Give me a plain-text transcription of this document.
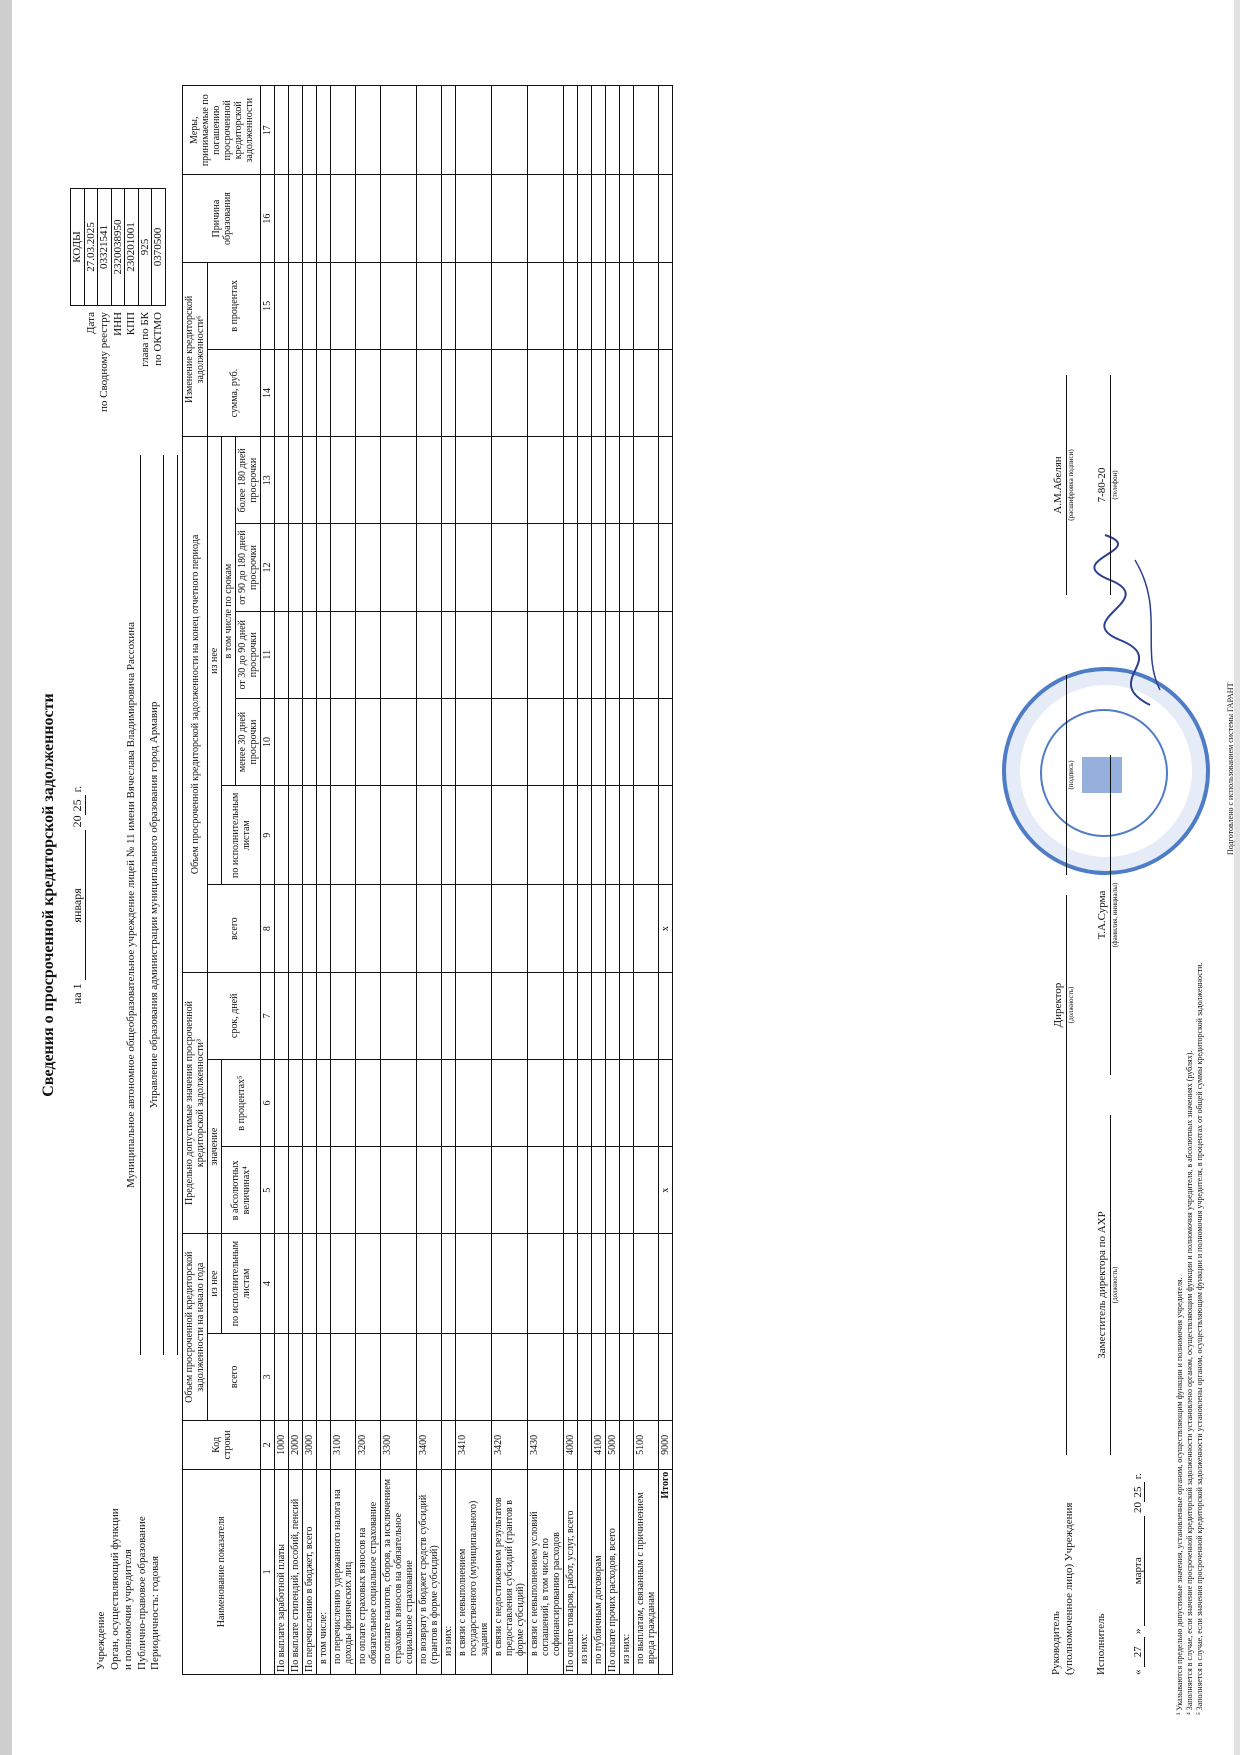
Подготовлено с использованием системы ГАРАНТ
Сведения о просроченной кредиторской задолженности на 1 января 2025 г.
Учреждение Орган, осуществляющий функции и полномочия учредителя Публично-правовое образование Периодичность: годовая
Муниципальное автономное общеобразовательное учреждение лицей № 11 имени Вячеслава Владимировича Рассохина Управление образования администрации муниципального образования город Армавир
	КОДЫ
Дата	27.03.2025
по Сводному реестру	03321541
ИНН	2320038950
КПП	230201001
глава по БК	925
по ОКТМО	0370500
Наименование показателя	Код строки	Объем просроченной кредиторской задолженности на начало года		Предельно допустимые значения просроченной кредиторской задолженности³			Объем просроченной кредиторской задолженности на конец отчетного периода						Изменение кредиторской задолженности⁶		Причина образования	Меры, принимаемые по погашению просроченной кредиторской задолженности
		всего	из нее	значение		срок, дней	всего	из нее					сумма, руб.	в процентах		
			по исполнительным листам	в абсолютных величинах⁴	в процентах⁵			по исполнительным листам	в том числе по срокам							
									менее 30 дней просрочки	от 30 до 90 дней просрочки	от 90 до 180 дней просрочки	более 180 дней просрочки				
1	2	3	4	5	6	7	8	9	10	11	12	13	14	15	16	17
По выплате заработной платы	1000															
По выплате стипендий, пособий, пенсий	2000															
По перечислению в бюджет, всего	3000															
в том числе:																
по перечислению удержанного налога на доходы физических лиц	3100															
по оплате страховых взносов на обязательное социальное страхование	3200															
по оплате налогов, сборов, за исключением страховых взносов на обязательное социальное страхование	3300															
по возврату в бюджет средств субсидий (грантов в форме субсидий)	3400															
из них:																
в связи с невыполнением государственного (муниципального) задания	3410															
в связи с недостижением результатов предоставления субсидий (грантов в форме субсидий)	3420															
в связи с невыполнением условий соглашений, в том числе по софинансированию расходов	3430															
По оплате товаров, работ, услуг, всего	4000															
из них:																
по публичным договорам	4100															
По оплате прочих расходов, всего	5000															
из них:																
по выплатам, связанным с причинением вреда гражданам	5100															
Итого	9000			x			x									
Руководитель (уполномоченное лицо) Учреждения
Директор (должность)
(подпись)
А.М.Абелян (расшифровка подписи)
Исполнитель
Заместитель директора по АХР (должность)
Т.А.Сурма (фамилия, инициалы)
7-80-20 (телефон)
« 27 » марта 2025 г.	³ Указываются предельно допустимые значения, установленные органом, осуществляющим функции и полномочия учредителя. ⁴ Заполняется в случае, если значение просроченной кредиторской задолженности установлено органом, осуществляющим функции и полномочия учредителя, в абсолютных значениях (рублях). ⁵ Заполняется в случае, если значения просроченной кредиторской задолженности установлены органом, осуществляющим функции и полномочия учредителя, в процентах от общей суммы кредиторской задолженности.
